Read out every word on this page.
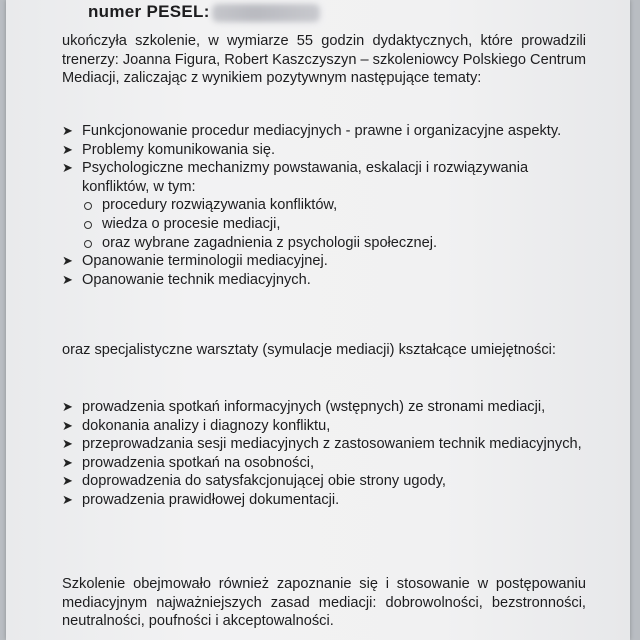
numer PESEL:
ukończyła szkolenie, w wymiarze 55 godzin dydaktycznych, które prowadzili trenerzy: Joanna Figura, Robert Kaszczyszyn – szkoleniowcy Polskiego Centrum Mediacji, zaliczając z wynikiem pozytywnym następujące tematy:
➤ Funkcjonowanie procedur mediacyjnych - prawne i organizacyjne aspekty.
➤ Problemy komunikowania się.
➤ Psychologiczne mechanizmy powstawania, eskalacji i rozwiązywania konfliktów, w tym:
procedury rozwiązywania konfliktów,
wiedza o procesie mediacji,
oraz wybrane zagadnienia z psychologii społecznej.
➤ Opanowanie terminologii mediacyjnej.
➤ Opanowanie technik mediacyjnych.
oraz specjalistyczne warsztaty (symulacje mediacji) kształcące umiejętności:
➤ prowadzenia spotkań informacyjnych (wstępnych) ze stronami mediacji,
➤ dokonania analizy i diagnozy konfliktu,
➤ przeprowadzania sesji mediacyjnych z zastosowaniem technik mediacyjnych,
➤ prowadzenia spotkań na osobności,
➤ doprowadzenia do satysfakcjonującej obie strony ugody,
➤ prowadzenia prawidłowej dokumentacji.
Szkolenie obejmowało również zapoznanie się i stosowanie w postępowaniu mediacyjnym najważniejszych zasad mediacji: dobrowolności, bezstronności, neutralności, poufności i akceptowalności.
